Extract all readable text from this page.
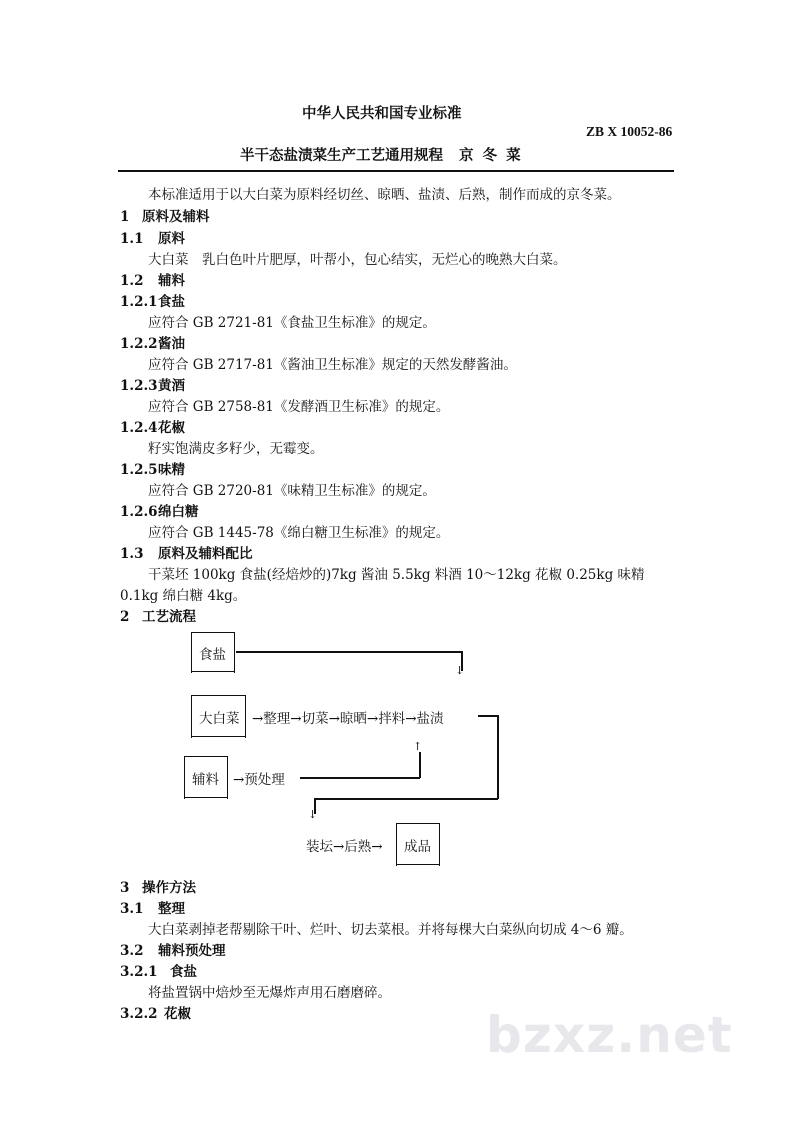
中华人民共和国专业标准
ZB X 10052-86
半干态盐渍菜生产工艺通用规程 京 冬 菜
本标准适用于以大白菜为原料经切丝、晾晒、盐渍、后熟，制作而成的京冬菜。
1 原料及辅料
1.1 原料
大白菜　乳白色叶片肥厚，叶帮小，包心结实，无烂心的晚熟大白菜。
1.2 辅料
1.2.1食盐
应符合 GB 2721-81《食盐卫生标准》的规定。
1.2.2酱油
应符合 GB 2717-81《酱油卫生标准》规定的天然发酵酱油。
1.2.3黄酒
应符合 GB 2758-81《发酵酒卫生标准》的规定。
1.2.4花椒
籽实饱满皮多籽少，无霉变。
1.2.5味精
应符合 GB 2720-81《味精卫生标准》的规定。
1.2.6绵白糖
应符合 GB 1445-78《绵白糖卫生标准》的规定。
1.3 原料及辅料配比
干菜坯 100kg 食盐(经焙炒的)7kg 酱油 5.5kg 料酒 10～12kg 花椒 0.25kg 味精
0.1kg 绵白糖 4kg。
2 工艺流程
食盐
↓
大白菜 →整理→切菜→晾晒→拌料→盐渍
↓
辅料 →预处理
↑
装坛→后熟→ 成品
3 操作方法
3.1 整理
大白菜剥掉老帮剔除干叶、烂叶、切去菜根。并将每棵大白菜纵向切成 4～6 瓣。
3.2 辅料预处理
3.2.1 食盐
将盐置锅中焙炒至无爆炸声用石磨磨碎。
3.2.2 花椒	bzxz.net
